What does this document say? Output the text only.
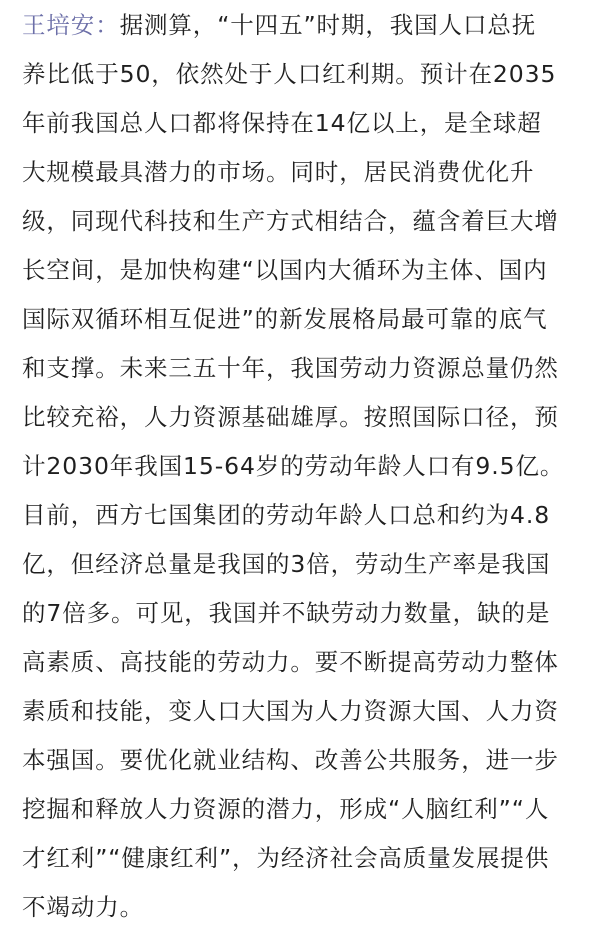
王培安：据测算，“十四五”时期，我国人口总抚
养比低于50，依然处于人口红利期。预计在2035
年前我国总人口都将保持在14亿以上，是全球超
大规模最具潜力的市场。同时，居民消费优化升
级，同现代科技和生产方式相结合，蕴含着巨大增
长空间，是加快构建“以国内大循环为主体、国内
国际双循环相互促进”的新发展格局最可靠的底气
和支撑。未来三五十年，我国劳动力资源总量仍然
比较充裕，人力资源基础雄厚。按照国际口径，预
计2030年我国15-64岁的劳动年龄人口有9.5亿。
目前，西方七国集团的劳动年龄人口总和约为4.8
亿，但经济总量是我国的3倍，劳动生产率是我国
的7倍多。可见，我国并不缺劳动力数量，缺的是
高素质、高技能的劳动力。要不断提高劳动力整体
素质和技能，变人口大国为人力资源大国、人力资
本强国。要优化就业结构、改善公共服务，进一步
挖掘和释放人力资源的潜力，形成“人脑红利”“人
才红利”“健康红利”，为经济社会高质量发展提供
不竭动力。
